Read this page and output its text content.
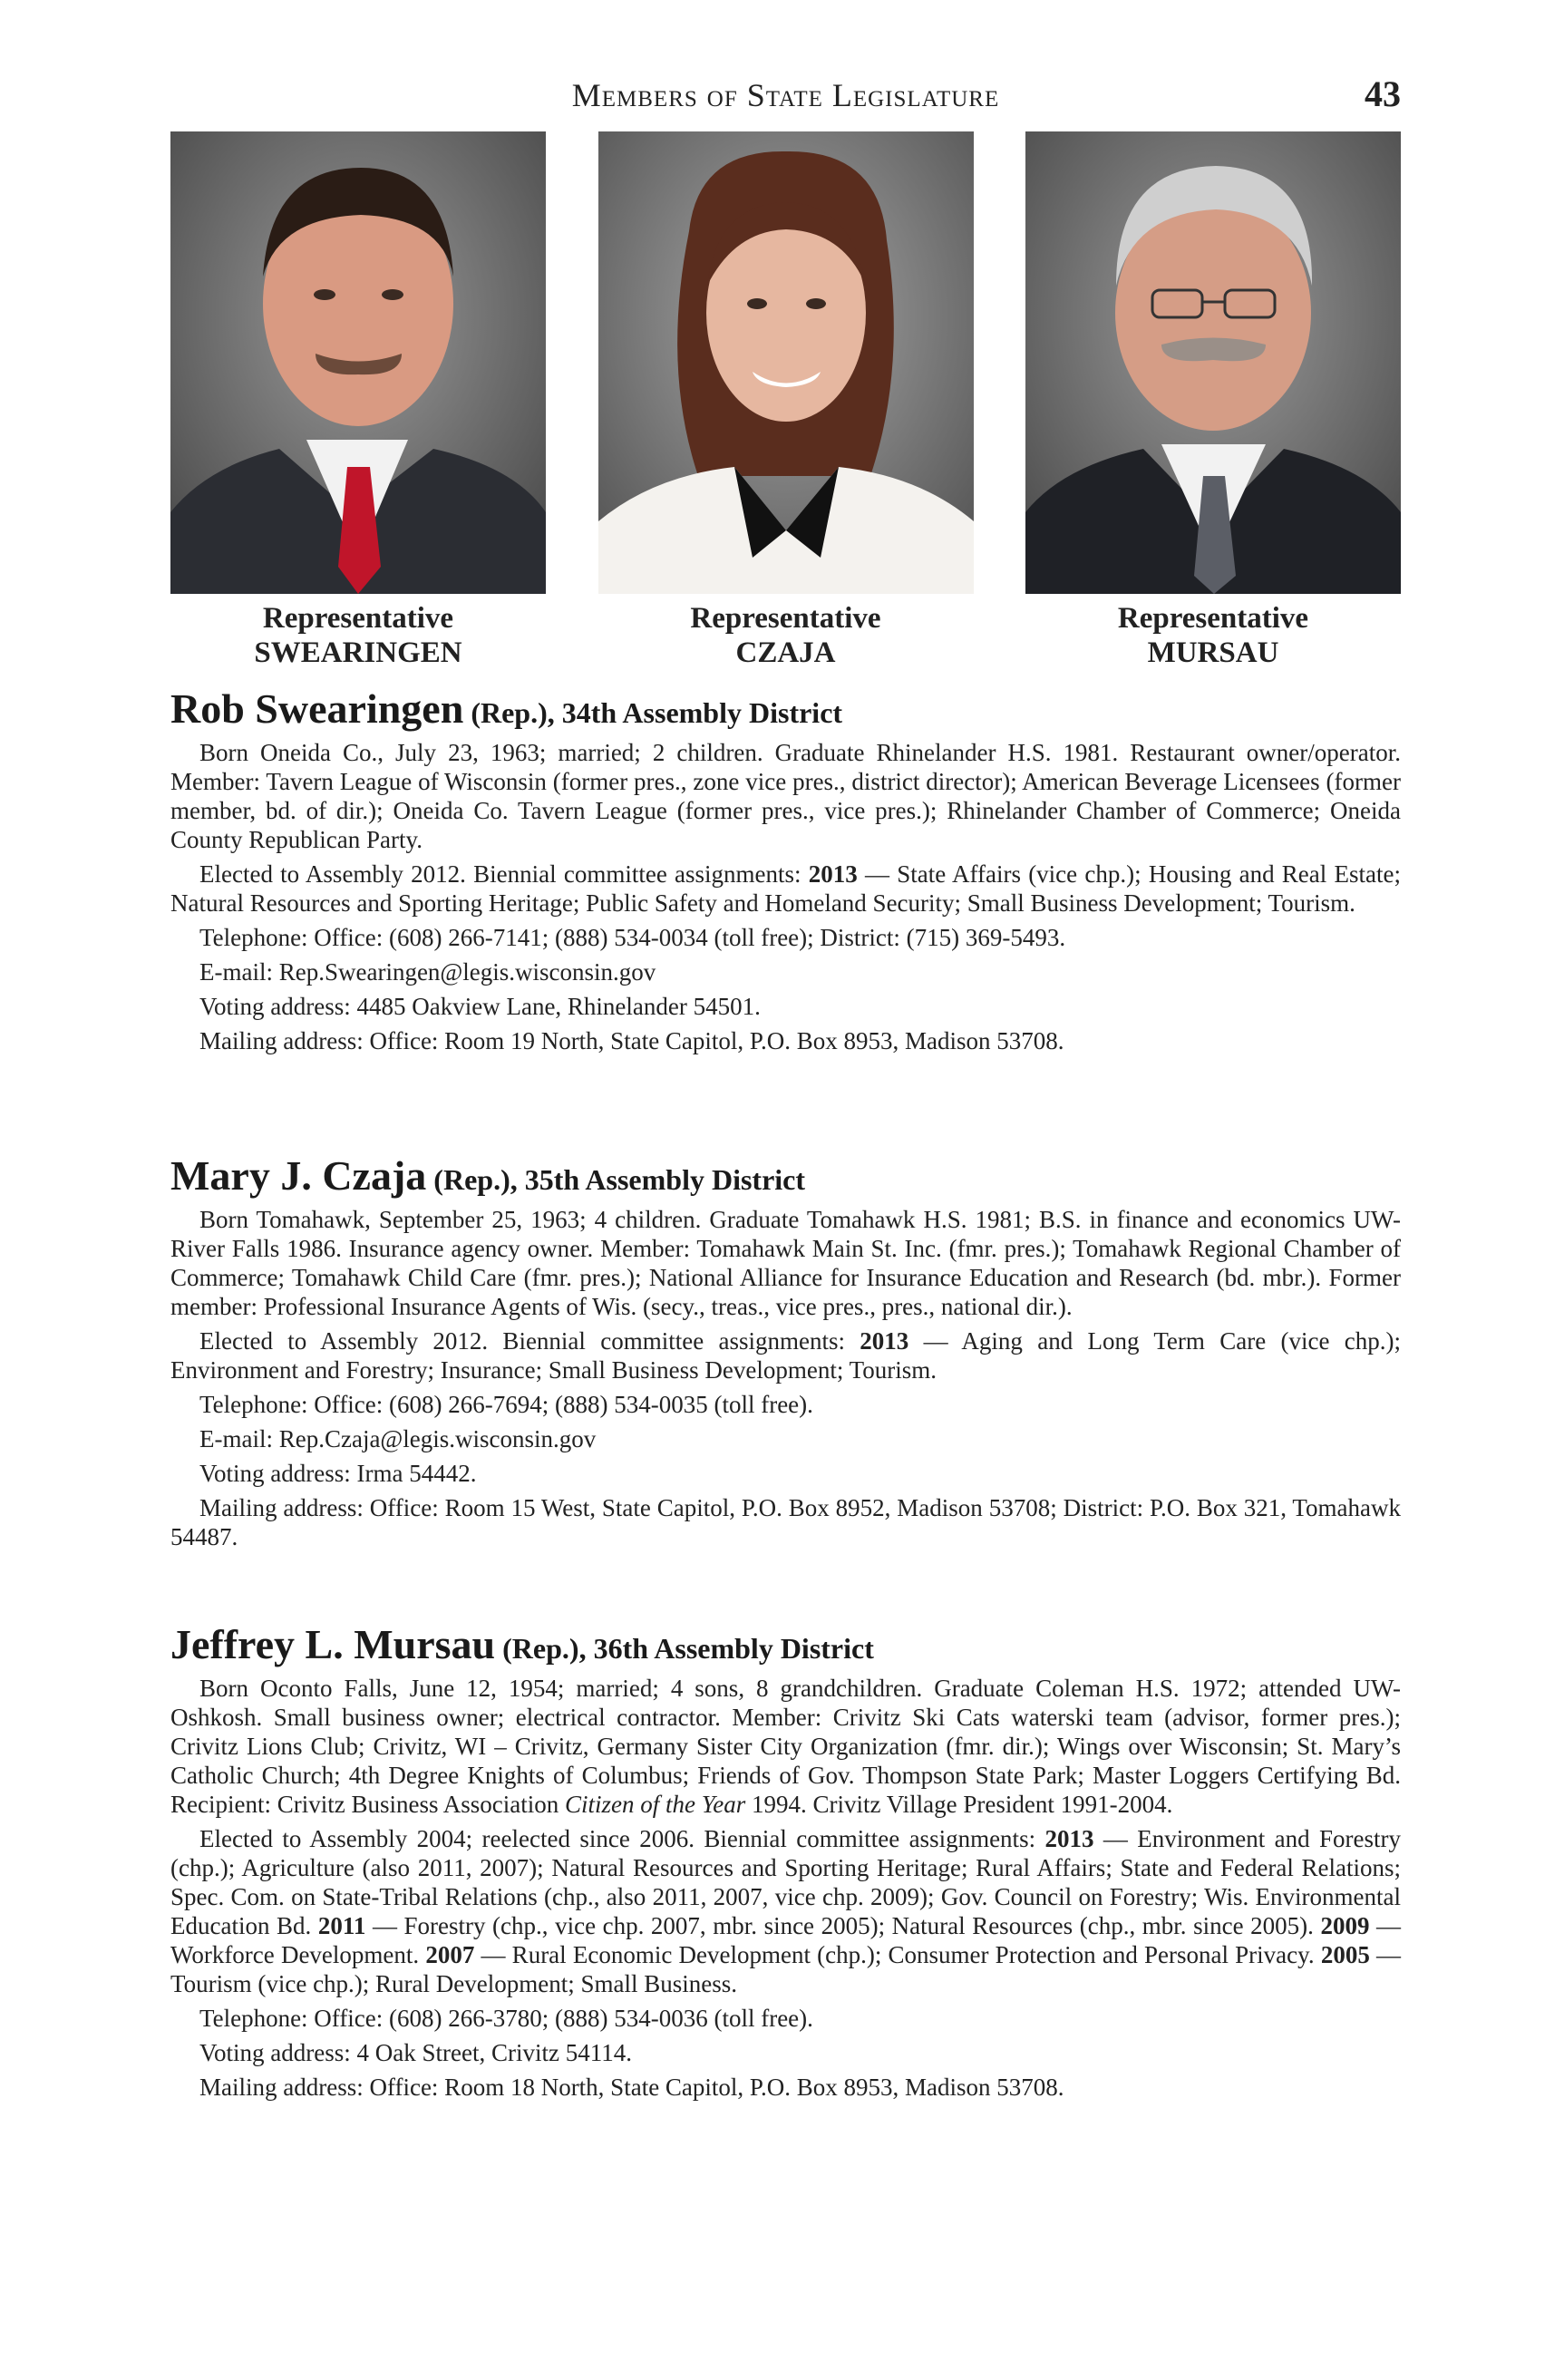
Members of State Legislature	43
Representative
SWEARINGEN
Representative
CZAJA
Representative
MURSAU
Rob Swearingen (Rep.), 34th Assembly District

Born Oneida Co., July 23, 1963; married; 2 children. Graduate Rhinelander H.S. 1981. Restaurant owner/operator. Member: Tavern League of Wisconsin (former pres., zone vice pres., district director); American Beverage Licensees (former member, bd. of dir.); Oneida Co. Tavern League (former pres., vice pres.); Rhinelander Chamber of Commerce; Oneida County Republican Party.

Elected to Assembly 2012. Biennial committee assignments: 2013 — State Affairs (vice chp.); Housing and Real Estate; Natural Resources and Sporting Heritage; Public Safety and Homeland Security; Small Business Development; Tourism.

Telephone: Office: (608) 266-7141; (888) 534-0034 (toll free); District: (715) 369-5493.

E-mail: Rep.Swearingen@legis.wisconsin.gov

Voting address: 4485 Oakview Lane, Rhinelander 54501.

Mailing address: Office: Room 19 North, State Capitol, P.O. Box 8953, Madison 53708.

Mary J. Czaja (Rep.), 35th Assembly District

Born Tomahawk, September 25, 1963; 4 children. Graduate Tomahawk H.S. 1981; B.S. in finance and economics UW-River Falls 1986. Insurance agency owner. Member: Tomahawk Main St. Inc. (fmr. pres.); Tomahawk Regional Chamber of Commerce; Tomahawk Child Care (fmr. pres.); National Alliance for Insurance Education and Research (bd. mbr.). Former member: Professional Insurance Agents of Wis. (secy., treas., vice pres., pres., national dir.).

Elected to Assembly 2012. Biennial committee assignments: 2013 — Aging and Long Term Care (vice chp.); Environment and Forestry; Insurance; Small Business Development; Tourism.

Telephone: Office: (608) 266-7694; (888) 534-0035 (toll free).

E-mail: Rep.Czaja@legis.wisconsin.gov

Voting address: Irma 54442.

Mailing address: Office: Room 15 West, State Capitol, P.O. Box 8952, Madison 53708; District: P.O. Box 321, Tomahawk 54487.

Jeffrey L. Mursau (Rep.), 36th Assembly District

Born Oconto Falls, June 12, 1954; married; 4 sons, 8 grandchildren. Graduate Coleman H.S. 1972; attended UW-Oshkosh. Small business owner; electrical contractor. Member: Crivitz Ski Cats waterski team (advisor, former pres.); Crivitz Lions Club; Crivitz, WI – Crivitz, Germany Sister City Organization (fmr. dir.); Wings over Wisconsin; St. Mary’s Catholic Church; 4th Degree Knights of Columbus; Friends of Gov. Thompson State Park; Master Loggers Certifying Bd. Recipient: Crivitz Business Association Citizen of the Year 1994. Crivitz Village President 1991-2004.

Elected to Assembly 2004; reelected since 2006. Biennial committee assignments: 2013 — Environment and Forestry (chp.); Agriculture (also 2011, 2007); Natural Resources and Sporting Heritage; Rural Affairs; State and Federal Relations; Spec. Com. on State-Tribal Relations (chp., also 2011, 2007, vice chp. 2009); Gov. Council on Forestry; Wis. Environmental Education Bd. 2011 — Forestry (chp., vice chp. 2007, mbr. since 2005); Natural Resources (chp., mbr. since 2005). 2009 — Workforce Development. 2007 — Rural Economic Development (chp.); Consumer Protection and Personal Privacy. 2005 — Tourism (vice chp.); Rural Development; Small Business.

Telephone: Office: (608) 266-3780; (888) 534-0036 (toll free).

Voting address: 4 Oak Street, Crivitz 54114.

Mailing address: Office: Room 18 North, State Capitol, P.O. Box 8953, Madison 53708.
